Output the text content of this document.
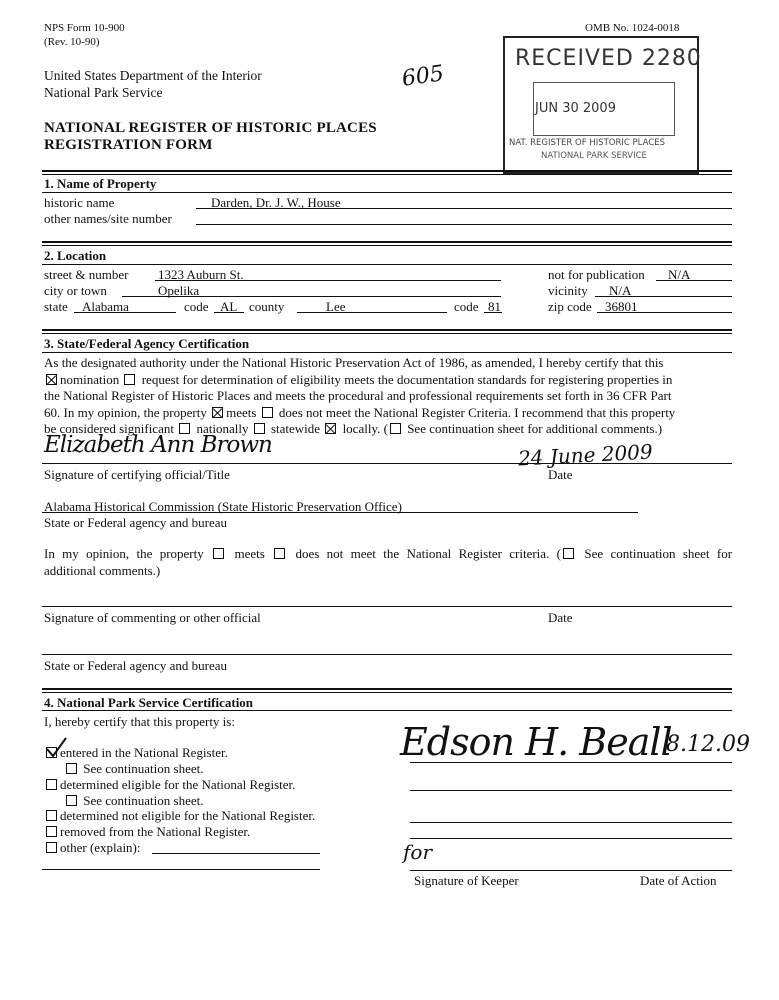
NPS Form 10-900
(Rev. 10-90)
OMB No. 1024-0018
United States Department of the Interior
National Park Service
605
NATIONAL REGISTER OF HISTORIC PLACES
REGISTRATION FORM
RECEIVED 2280
JUN 30 2009
NAT. REGISTER OF HISTORIC PLACES
NATIONAL PARK SERVICE
1. Name of Property
historic name	Darden, Dr. J. W., House
other names/site number
2. Location
street & number 1323 Auburn St.	not for publication N/A
city or town	Opelika	vicinity N/A
state Alabama	code AL county	Lee	code 81	zip code 36801
3. State/Federal Agency Certification
As the designated authority under the National Historic Preservation Act of 1986, as amended, I hereby certify that this
nomination request for determination of eligibility meets the documentation standards for registering properties in
the National Register of Historic Places and meets the procedural and professional requirements set forth in 36 CFR Part
60. In my opinion, the property meets does not meet the National Register Criteria. I recommend that this property
be considered significant nationally statewide locally. ( See continuation sheet for additional comments.)
Elizabeth Ann Brown	24 June 2009
Signature of certifying official/Title	Date
Alabama Historical Commission (State Historic Preservation Office)
State or Federal agency and bureau
In my opinion, the property meets does not meet the National Register criteria. ( See continuation sheet for
additional comments.)
Signature of commenting or other official	Date
State or Federal agency and bureau
4. National Park Service Certification
I, hereby certify that this property is:
entered in the National Register.
See continuation sheet.
determined eligible for the National Register.
See continuation sheet.
determined not eligible for the National Register.
removed from the National Register.
other (explain):
Edson H. Beall
8.12.09
for
Signature of Keeper	Date of Action
